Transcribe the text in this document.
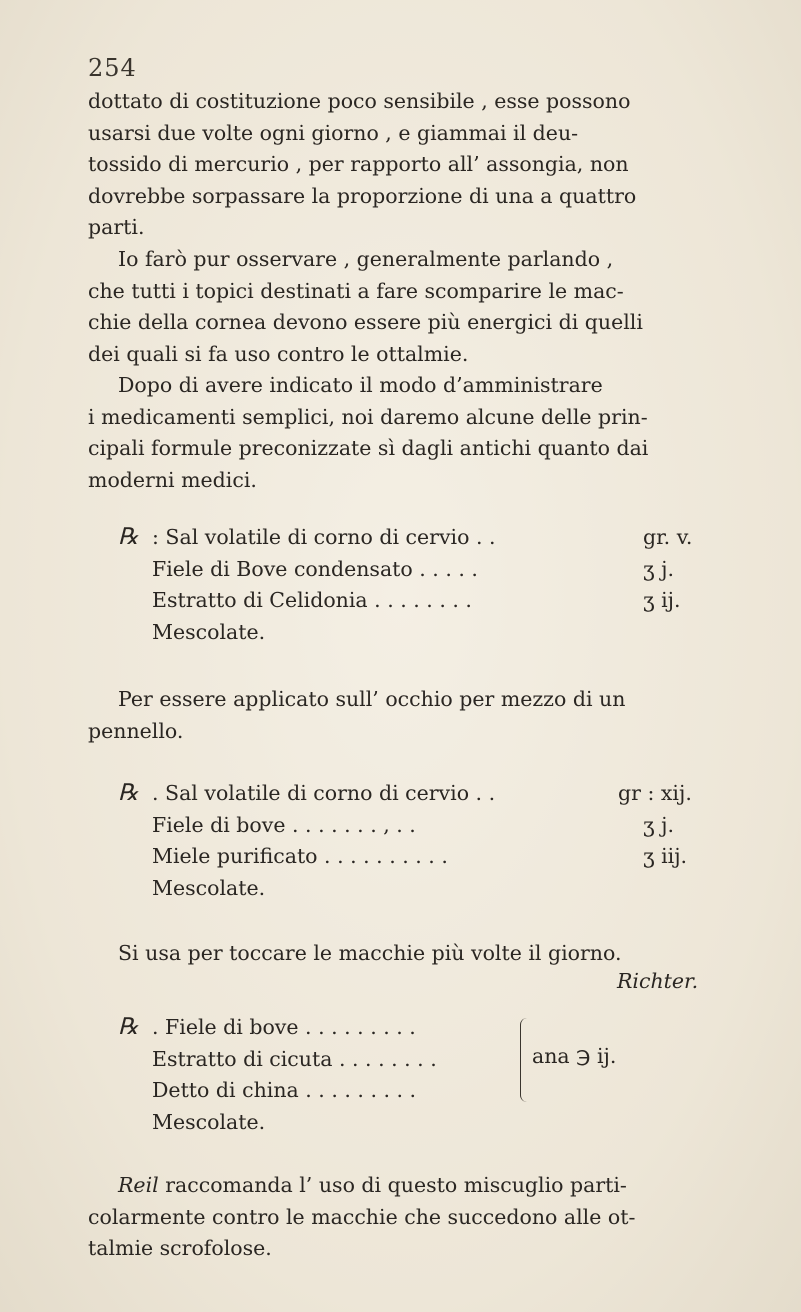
254

dottato di costituzione poco sensibile , esse possono
usarsi due volte ogni giorno , e giammai il deu-
tossido di mercurio , per rapporto all’ assongia, non
dovrebbe sorpassare la proporzione di una a quattro
parti.

Io farò pur osservare , generalmente parlando ,
che tutti i topici destinati a fare scomparire le mac-
chie della cornea devono essere più energici di quelli
dei quali si fa uso contro le ottalmie.

Dopo di avere indicato il modo d’amministrare
i medicamenti semplici, noi daremo alcune delle prin-
cipali formule preconizzate sì dagli antichi quanto dai
moderni medici.

℞ : Sal volatile di corno di cervio . .	gr. v.
Fiele di Bove condensato . . . . .	ʒ j.
Estratto di Celidonia . . . . . . . .	ʒ ij.
Mescolate.

Per essere applicato sull’ occhio per mezzo di un
pennello.

℞ . Sal volatile di corno di cervio . .	gr : xij.
Fiele di bove . . . . . . . , . .	ʒ j.
Miele purificato . . . . . . . . . .	ʒ iij.
Mescolate.

Si usa per toccare le macchie più volte il giorno.

Richter.
℞ . Fiele di bove . . . . . . . . .
Estratto di cicuta . . . . . . . .
Detto di china . . . . . . . . .
Mescolate.
ana ℈ ij.

Reil raccomanda l’ uso di questo miscuglio parti-
colarmente contro le macchie che succedono alle ot-
talmie scrofolose.
